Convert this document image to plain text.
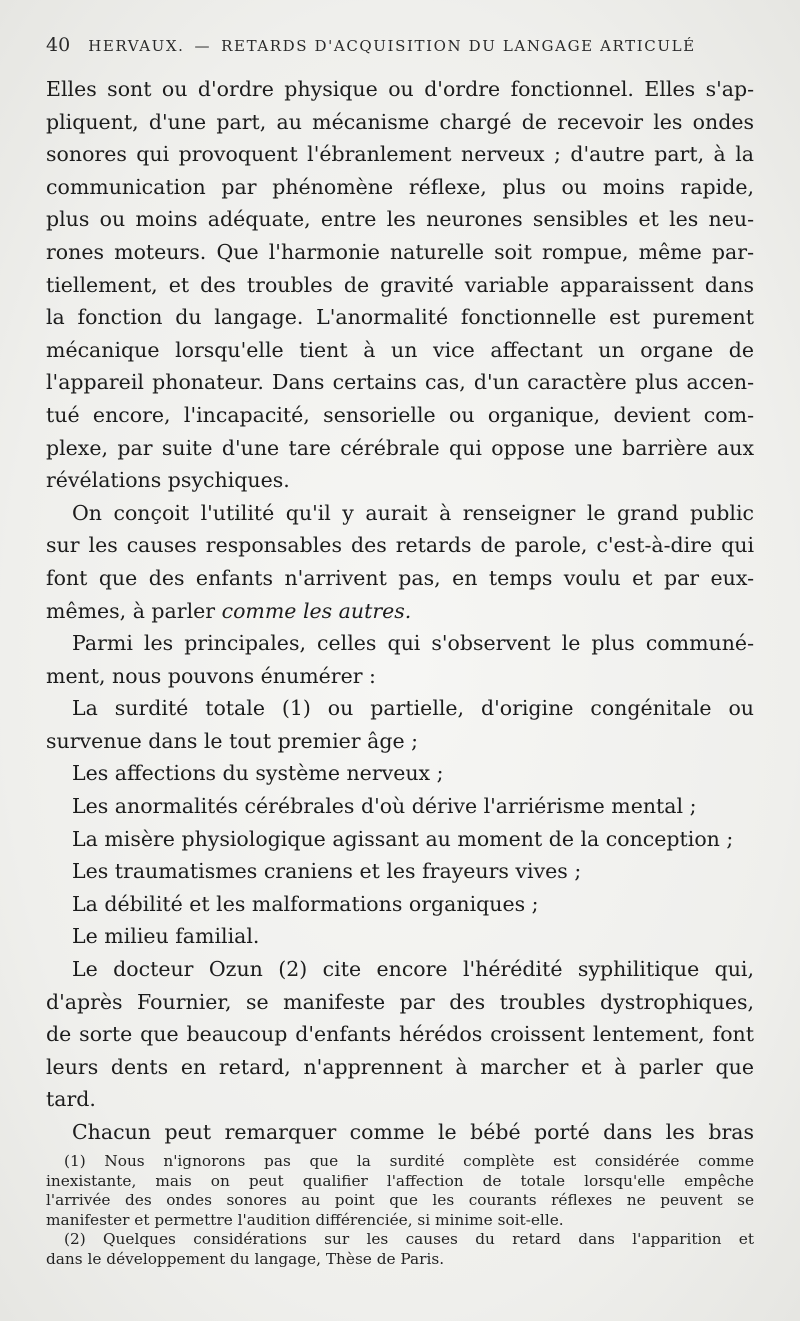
40 HERVAUX. — RETARDS D'ACQUISITION DU LANGAGE ARTICULÉ
Elles sont ou d'ordre physique ou d'ordre fonctionnel. Elles s'ap-
pliquent, d'une part, au mécanisme chargé de recevoir les ondes
sonores qui provoquent l'ébranlement nerveux ; d'autre part, à la
communication par phénomène réflexe, plus ou moins rapide,
plus ou moins adéquate, entre les neurones sensibles et les neu-
rones moteurs. Que l'harmonie naturelle soit rompue, même par-
tiellement, et des troubles de gravité variable apparaissent dans
la fonction du langage. L'anormalité fonctionnelle est purement
mécanique lorsqu'elle tient à un vice affectant un organe de
l'appareil phonateur. Dans certains cas, d'un caractère plus accen-
tué encore, l'incapacité, sensorielle ou organique, devient com-
plexe, par suite d'une tare cérébrale qui oppose une barrière aux
révélations psychiques.
On conçoit l'utilité qu'il y aurait à renseigner le grand public
sur les causes responsables des retards de parole, c'est-à-dire qui
font que des enfants n'arrivent pas, en temps voulu et par eux-
mêmes, à parler comme les autres.
Parmi les principales, celles qui s'observent le plus communé-
ment, nous pouvons énumérer :
La surdité totale (1) ou partielle, d'origine congénitale ou
survenue dans le tout premier âge ;
Les affections du système nerveux ;
Les anormalités cérébrales d'où dérive l'arriérisme mental ;
La misère physiologique agissant au moment de la conception ;
Les traumatismes craniens et les frayeurs vives ;
La débilité et les malformations organiques ;
Le milieu familial.
Le docteur Ozun (2) cite encore l'hérédité syphilitique qui,
d'après Fournier, se manifeste par des troubles dystrophiques,
de sorte que beaucoup d'enfants hérédos croissent lentement, font
leurs dents en retard, n'apprennent à marcher et à parler que
tard.
Chacun peut remarquer comme le bébé porté dans les bras
(1) Nous n'ignorons pas que la surdité complète est considérée comme
inexistante, mais on peut qualifier l'affection de totale lorsqu'elle empêche
l'arrivée des ondes sonores au point que les courants réflexes ne peuvent se
manifester et permettre l'audition différenciée, si minime soit-elle.
(2) Quelques considérations sur les causes du retard dans l'apparition et
dans le développement du langage, Thèse de Paris.
